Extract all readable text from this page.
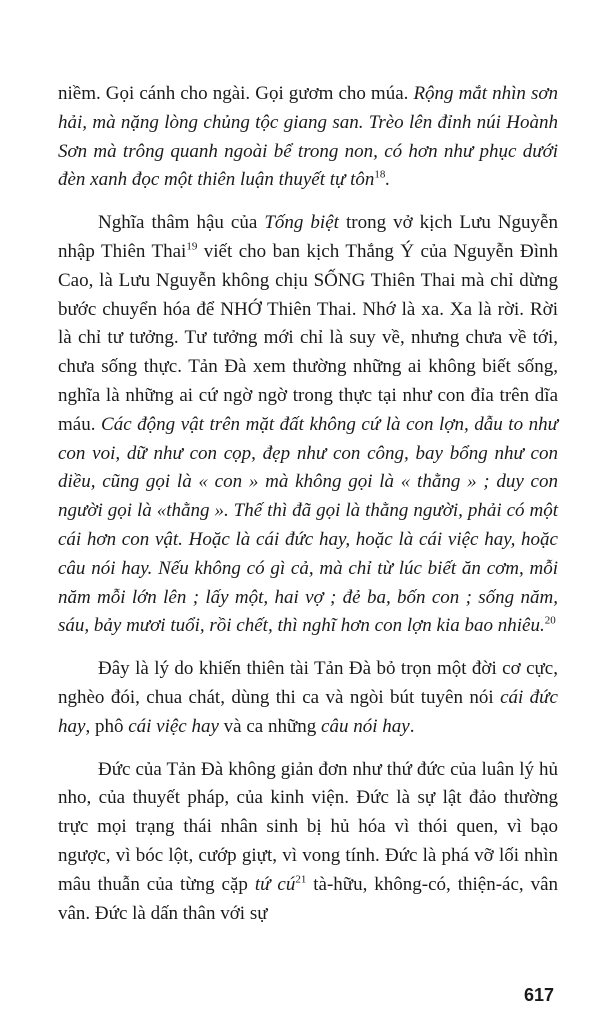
niềm. Gọi cánh cho ngài. Gọi gươm cho múa. Rộng mắt nhìn sơn hải, mà nặng lòng chủng tộc giang san. Trèo lên đỉnh núi Hoành Sơn mà trông quanh ngoài bể trong non, có hơn như phục dưới đèn xanh đọc một thiên luận thuyết tự tôn$^{18}$.

Nghĩa thâm hậu của Tống biệt trong vở kịch Lưu Nguyễn nhập Thiên Thai$^{19}$ viết cho ban kịch Thắng Ý của Nguyễn Đình Cao, là Lưu Nguyễn không chịu SỐNG Thiên Thai mà chỉ dừng bước chuyển hóa để NHỚ Thiên Thai. Nhớ là xa. Xa là rời. Rời là chỉ tư tưởng. Tư tưởng mới chỉ là suy về, nhưng chưa về tới, chưa sống thực. Tản Đà xem thường những ai không biết sống, nghĩa là những ai cứ ngờ ngờ trong thực tại như con đỉa trên dĩa máu. Các động vật trên mặt đất không cứ là con lợn, dẫu to như con voi, dữ như con cọp, đẹp như con công, bay bổng như con diều, cũng gọi là « con » mà không gọi là « thằng » ; duy con người gọi là «thằng ». Thế thì đã gọi là thằng người, phải có một cái hơn con vật. Hoặc là cái đức hay, hoặc là cái việc hay, hoặc câu nói hay. Nếu không có gì cả, mà chỉ từ lúc biết ăn cơm, mỗi năm mỗi lớn lên ; lấy một, hai vợ ; đẻ ba, bốn con ; sống năm, sáu, bảy mươi tuổi, rồi chết, thì nghĩ hơn con lợn kia bao nhiêu.$^{20}$

Đây là lý do khiến thiên tài Tản Đà bỏ trọn một đời cơ cực, nghèo đói, chua chát, dùng thi ca và ngòi bút tuyên nói cái đức hay, phô cái việc hay và ca những câu nói hay.

Đức của Tản Đà không giản đơn như thứ đức của luân lý hủ nho, của thuyết pháp, của kinh viện. Đức là sự lật đảo thường trực mọi trạng thái nhân sinh bị hủ hóa vì thói quen, vì bạo ngược, vì bóc lột, cướp giựt, vì vong tính. Đức là phá vỡ lối nhìn mâu thuẫn của từng cặp tứ cú$^{21}$ tà-hữu, không-có, thiện-ác, vân vân. Đức là dấn thân với sự

617
